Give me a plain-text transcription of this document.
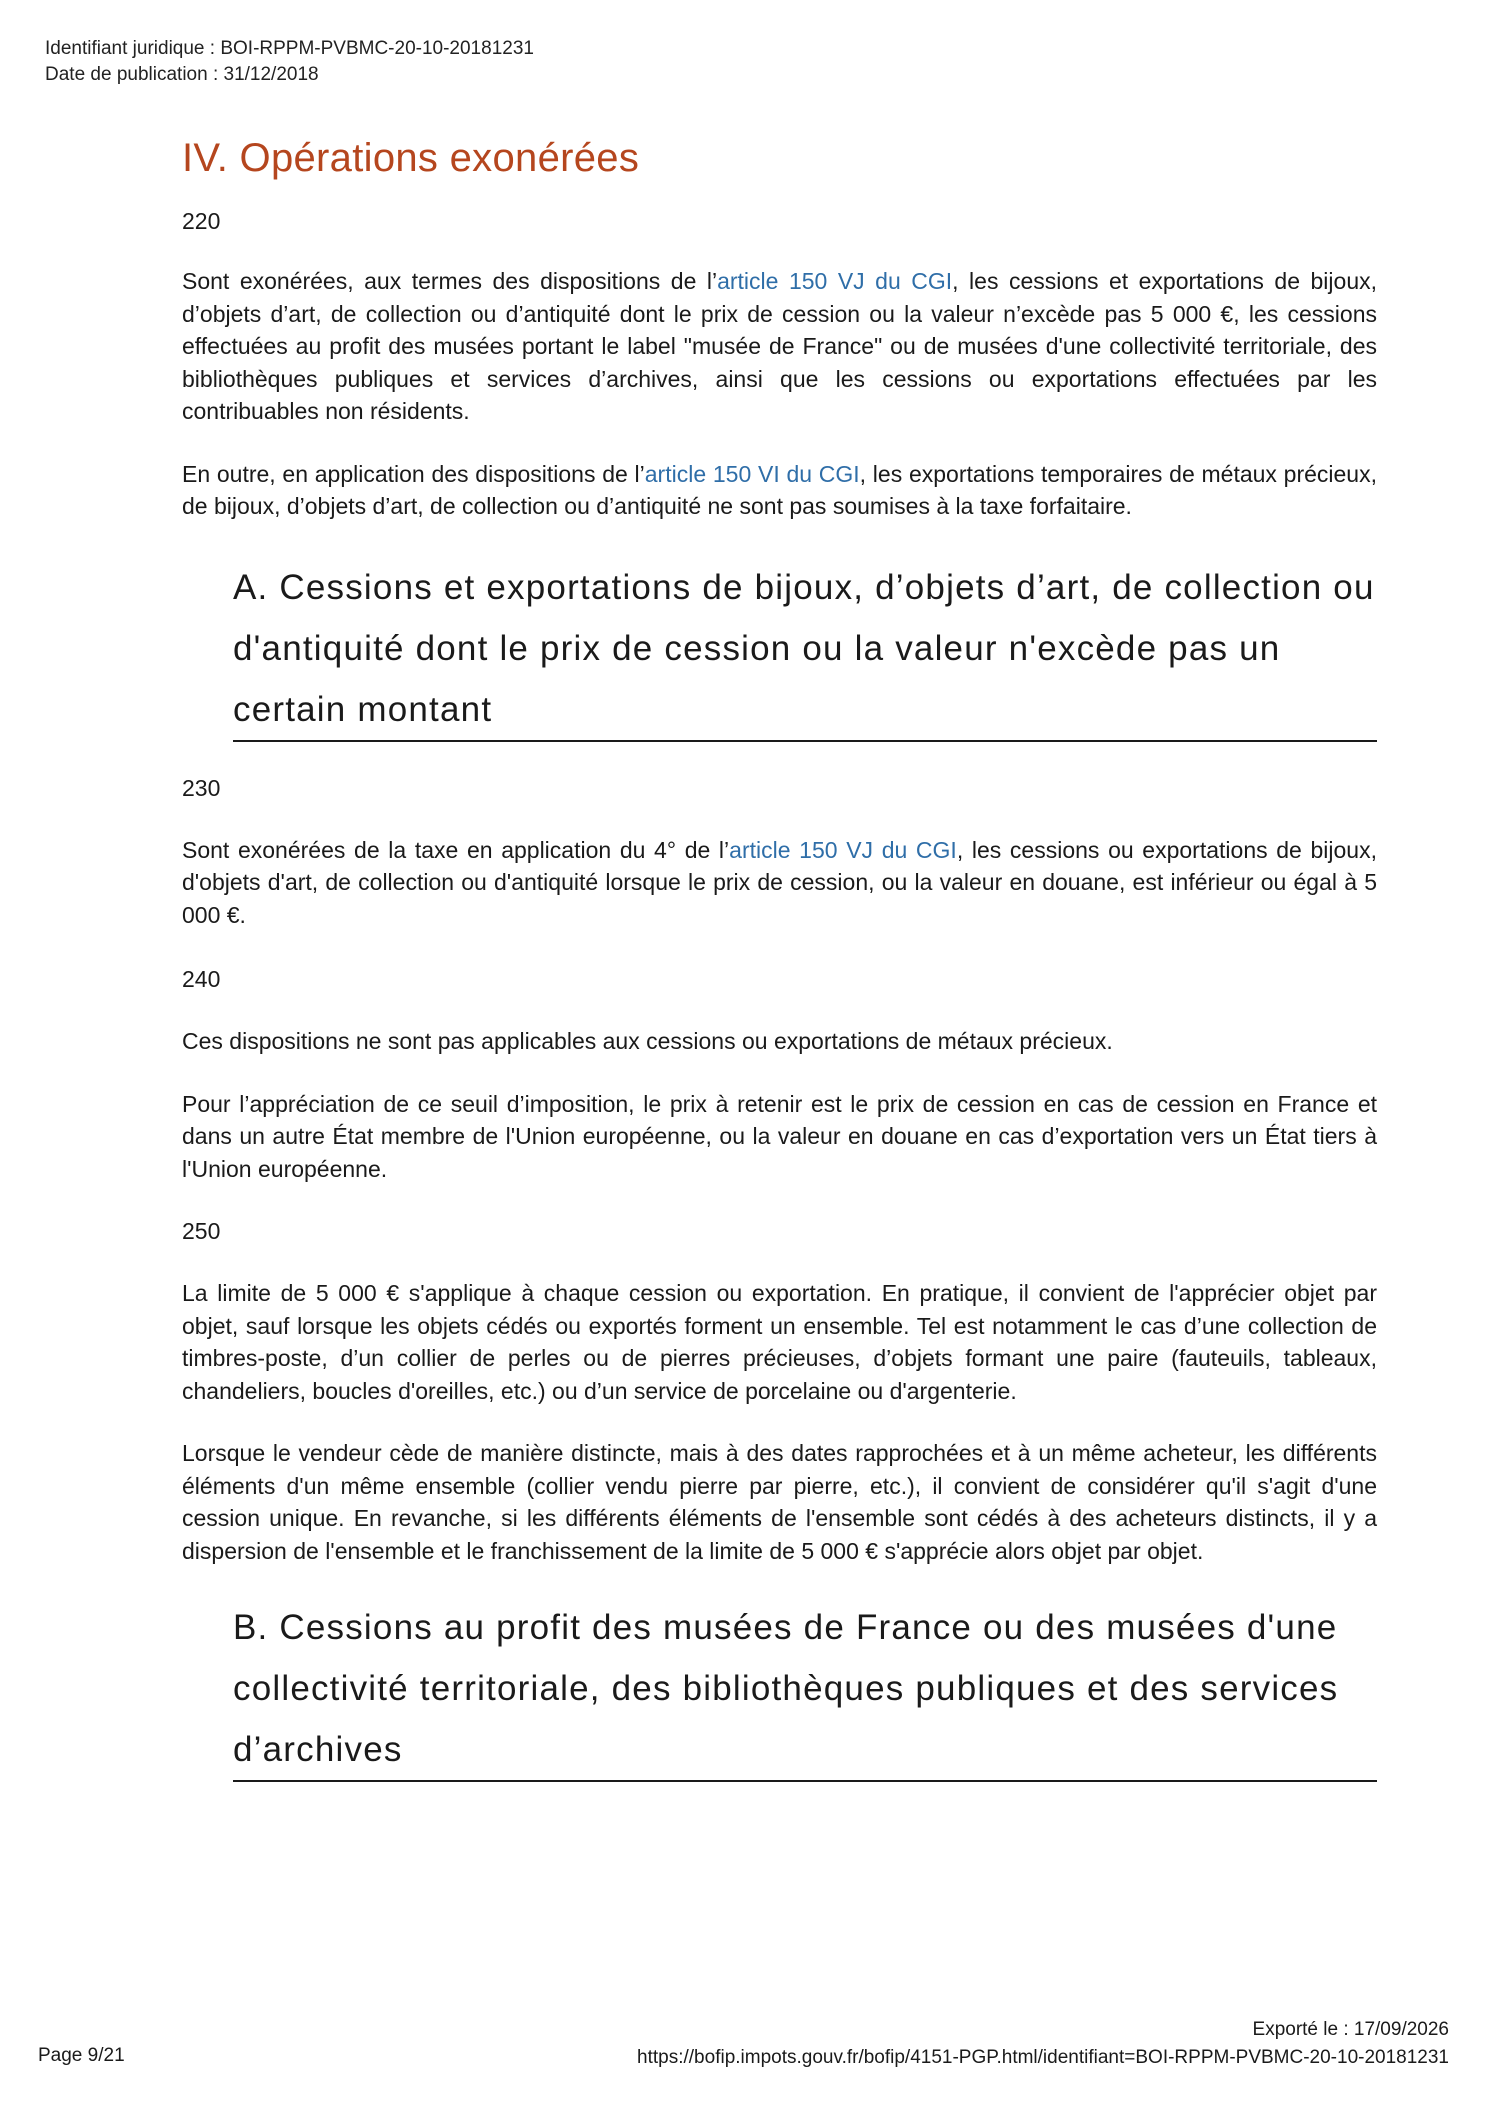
Identifiant juridique : BOI-RPPM-PVBMC-20-10-20181231
Date de publication : 31/12/2018
IV. Opérations exonérées
220

Sont exonérées, aux termes des dispositions de l’article 150 VJ du CGI, les cessions et exportations de bijoux, d’objets d’art, de collection ou d’antiquité dont le prix de cession ou la valeur n’excède pas 5 000 €, les cessions effectuées au profit des musées portant le label "musée de France" ou de musées d'une collectivité territoriale, des bibliothèques publiques et services d’archives, ainsi que les cessions ou exportations effectuées par les contribuables non résidents.

En outre, en application des dispositions de l’article 150 VI du CGI, les exportations temporaires de métaux précieux, de bijoux, d’objets d’art, de collection ou d’antiquité ne sont pas soumises à la taxe forfaitaire.

A. Cessions et exportations de bijoux, d’objets d’art, de collection ou d'antiquité dont le prix de cession ou la valeur n'excède pas un certain montant
230

Sont exonérées de la taxe en application du 4° de l’article 150 VJ du CGI, les cessions ou exportations de bijoux, d'objets d'art, de collection ou d'antiquité lorsque le prix de cession, ou la valeur en douane, est inférieur ou égal à 5 000 €.

240

Ces dispositions ne sont pas applicables aux cessions ou exportations de métaux précieux.

Pour l’appréciation de ce seuil d’imposition, le prix à retenir est le prix de cession en cas de cession en France et dans un autre État membre de l'Union européenne, ou la valeur en douane en cas d’exportation vers un État tiers à l'Union européenne.

250

La limite de 5 000 € s'applique à chaque cession ou exportation. En pratique, il convient de l'apprécier objet par objet, sauf lorsque les objets cédés ou exportés forment un ensemble. Tel est notamment le cas d’une collection de timbres-poste, d’un collier de perles ou de pierres précieuses, d’objets formant une paire (fauteuils, tableaux, chandeliers, boucles d'oreilles, etc.) ou d’un service de porcelaine ou d'argenterie.

Lorsque le vendeur cède de manière distincte, mais à des dates rapprochées et à un même acheteur, les différents éléments d'un même ensemble (collier vendu pierre par pierre, etc.), il convient de considérer qu'il s'agit d'une cession unique. En revanche, si les différents éléments de l'ensemble sont cédés à des acheteurs distincts, il y a dispersion de l'ensemble et le franchissement de la limite de 5 000 € s'apprécie alors objet par objet.

B. Cessions au profit des musées de France ou des musées d'une collectivité territoriale, des bibliothèques publiques et des services d’archives
Page 9/21
Exporté le : 17/09/2026
https://bofip.impots.gouv.fr/bofip/4151-PGP.html/identifiant=BOI-RPPM-PVBMC-20-10-20181231
